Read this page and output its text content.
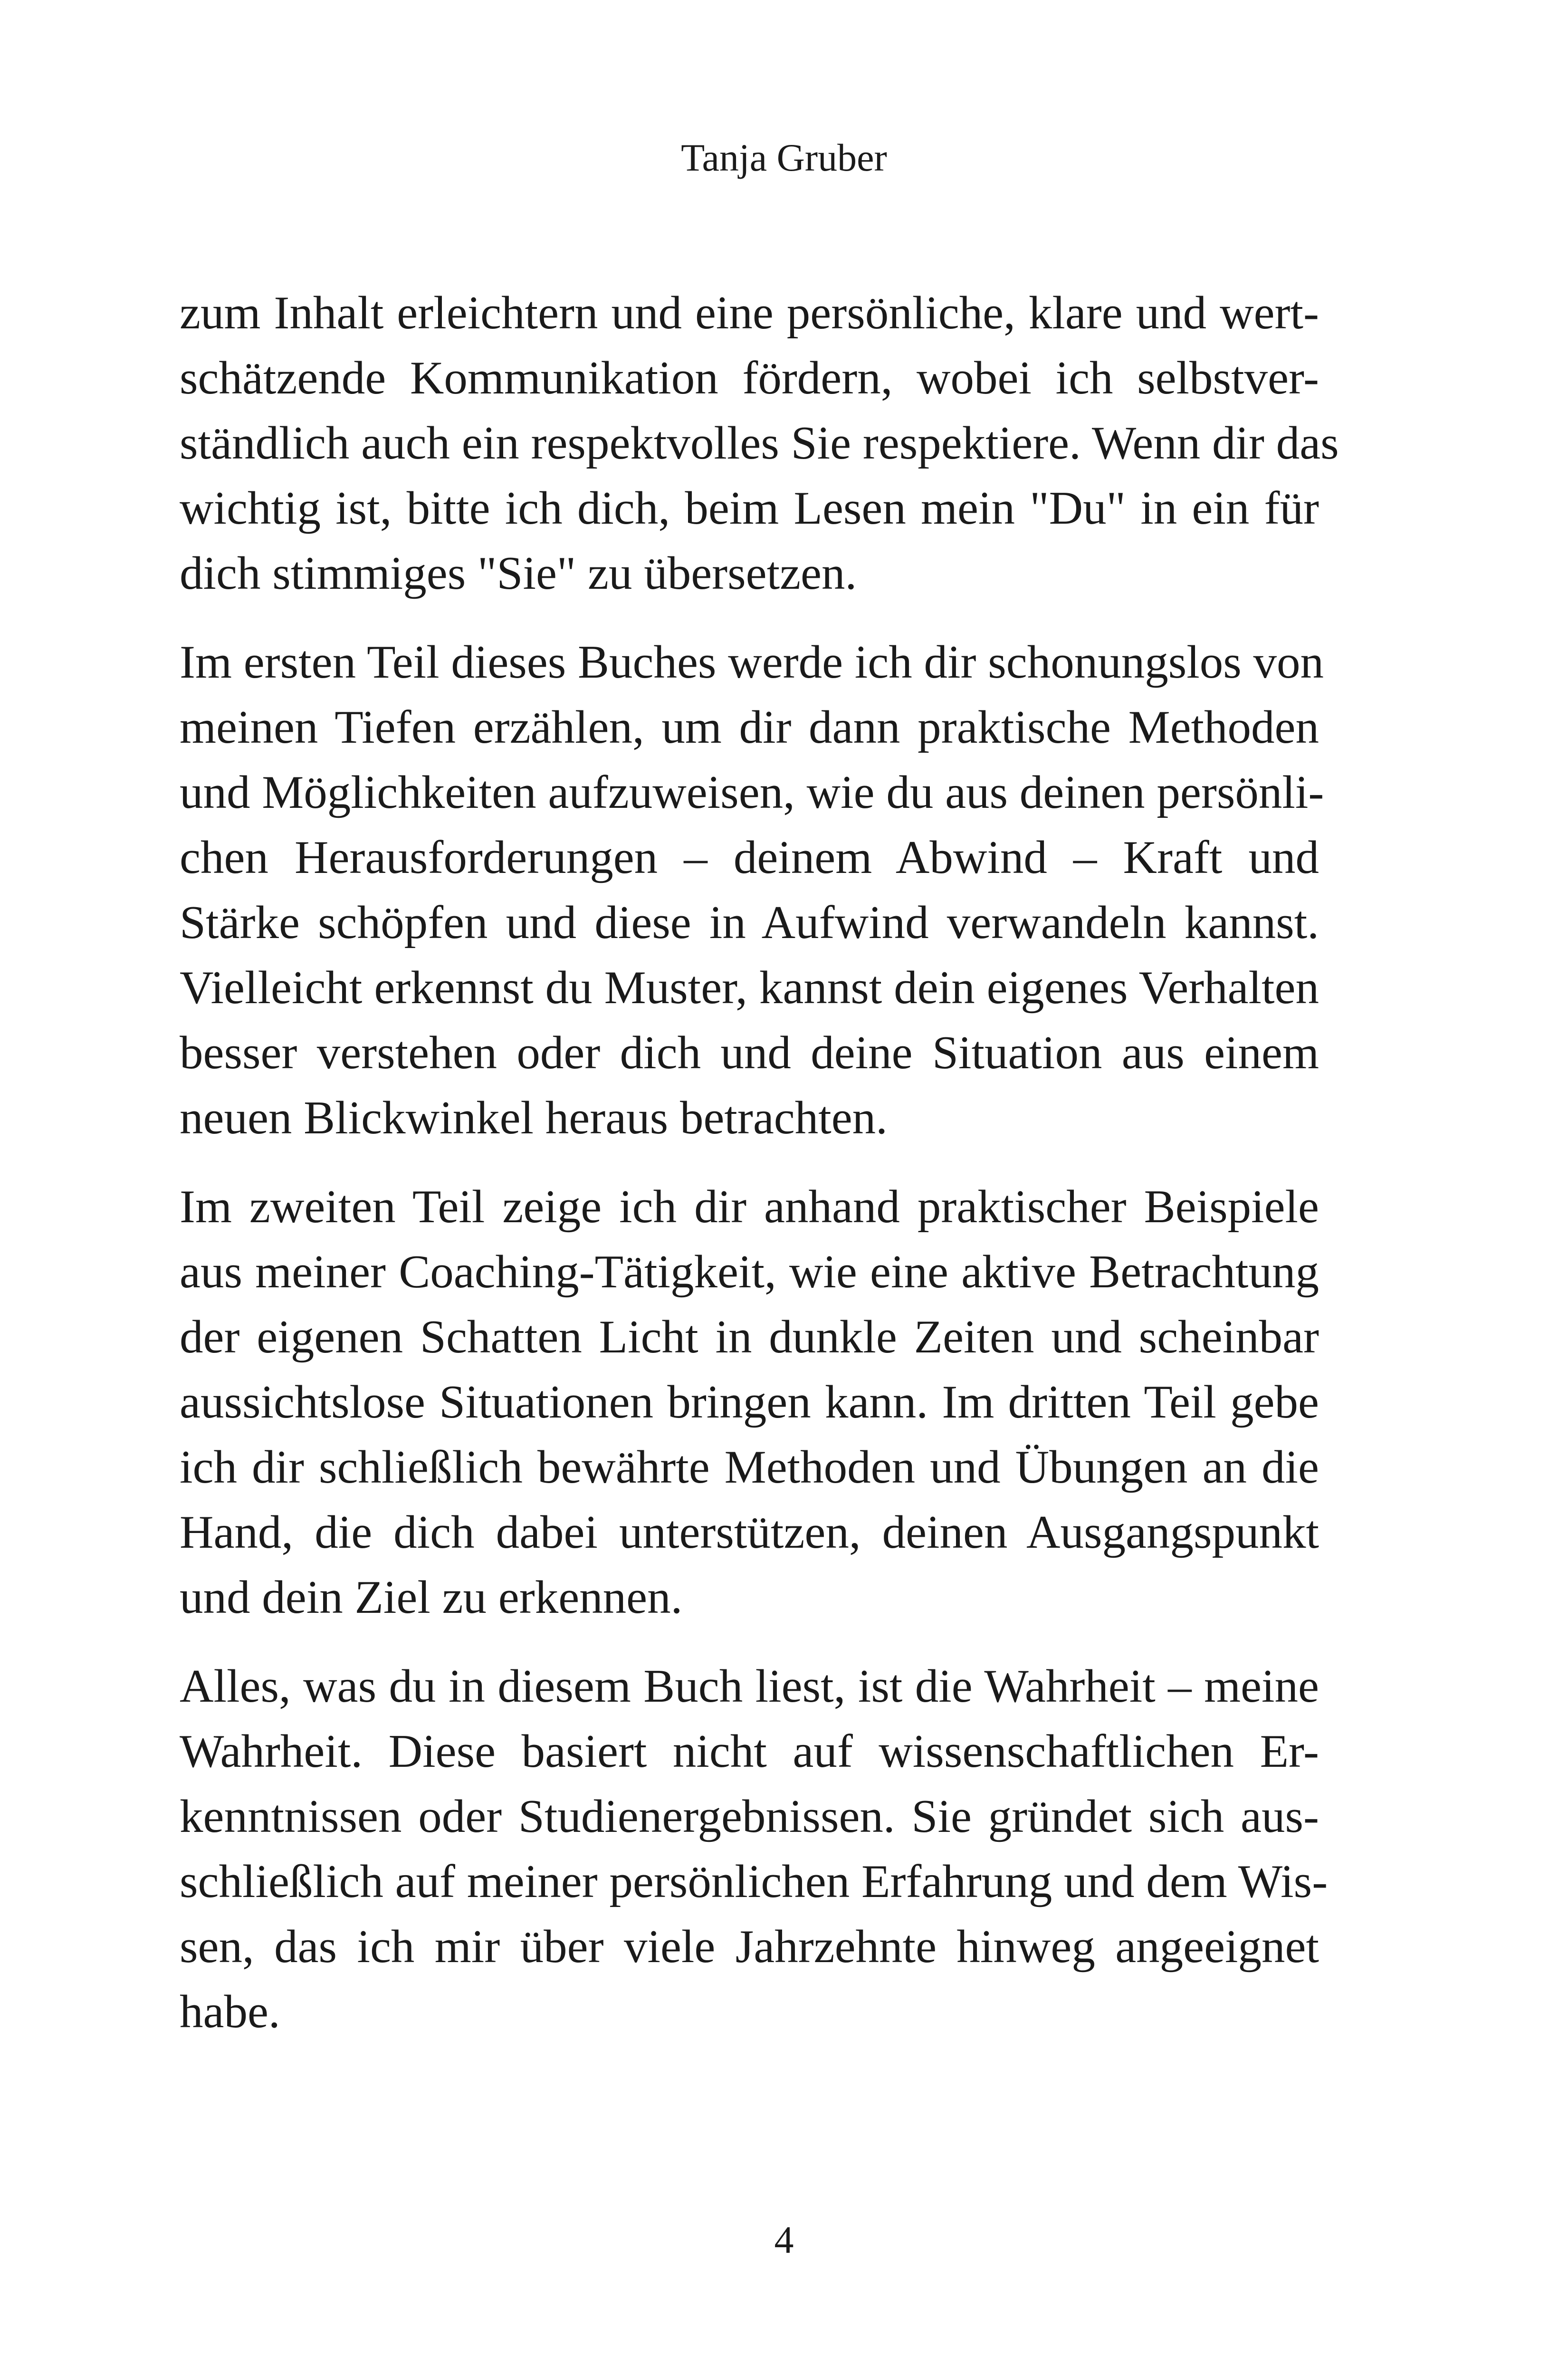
Tanja Gruber
zum Inhalt erleichtern und eine persönliche, klare und wert-
schätzende Kommunikation fördern, wobei ich selbstver-
ständlich auch ein respektvolles Sie respektiere. Wenn dir das
wichtig ist, bitte ich dich, beim Lesen mein "Du" in ein für
dich stimmiges "Sie" zu übersetzen.
Im ersten Teil dieses Buches werde ich dir schonungslos von
meinen Tiefen erzählen, um dir dann praktische Methoden
und Möglichkeiten aufzuweisen, wie du aus deinen persönli-
chen Herausforderungen – deinem Abwind – Kraft und
Stärke schöpfen und diese in Aufwind verwandeln kannst.
Vielleicht erkennst du Muster, kannst dein eigenes Verhalten
besser verstehen oder dich und deine Situation aus einem
neuen Blickwinkel heraus betrachten.
Im zweiten Teil zeige ich dir anhand praktischer Beispiele
aus meiner Coaching-Tätigkeit, wie eine aktive Betrachtung
der eigenen Schatten Licht in dunkle Zeiten und scheinbar
aussichtslose Situationen bringen kann. Im dritten Teil gebe
ich dir schließlich bewährte Methoden und Übungen an die
Hand, die dich dabei unterstützen, deinen Ausgangspunkt
und dein Ziel zu erkennen.
Alles, was du in diesem Buch liest, ist die Wahrheit – meine
Wahrheit. Diese basiert nicht auf wissenschaftlichen Er-
kenntnissen oder Studienergebnissen. Sie gründet sich aus-
schließlich auf meiner persönlichen Erfahrung und dem Wis-
sen, das ich mir über viele Jahrzehnte hinweg angeeignet
habe.
4
